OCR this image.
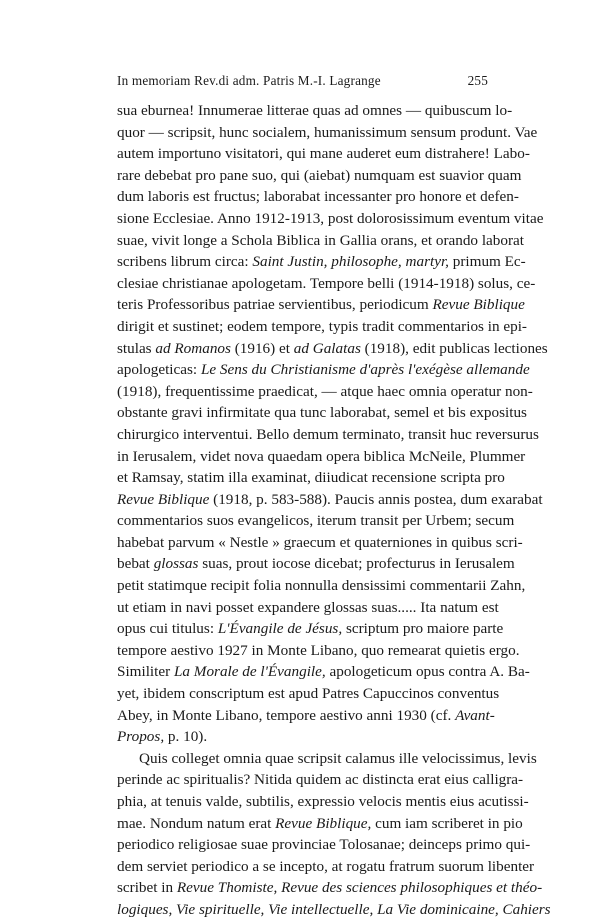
In memoriam Rev.di adm. Patris M.-I. Lagrange	255
sua eburnea! Innumerae litterae quas ad omnes — quibuscum lo-
quor — scripsit, hunc socialem, humanissimum sensum produnt. Vae
autem importuno visitatori, qui mane auderet eum distrahere! Labo-
rare debebat pro pane suo, qui (aiebat) numquam est suavior quam
dum laboris est fructus; laborabat incessanter pro honore et defen-
sione Ecclesiae. Anno 1912-1913, post dolorosissimum eventum vitae
suae, vivit longe a Schola Biblica in Gallia orans, et orando laborat
scribens librum circa: Saint Justin, philosophe, martyr, primum Ec-
clesiae christianae apologetam. Tempore belli (1914-1918) solus, ce-
teris Professoribus patriae servientibus, periodicum Revue Biblique
dirigit et sustinet; eodem tempore, typis tradit commentarios in epi-
stulas ad Romanos (1916) et ad Galatas (1918), edit publicas lectiones
apologeticas: Le Sens du Christianisme d'après l'exégèse allemande
(1918), frequentissime praedicat, — atque haec omnia operatur non-
obstante gravi infirmitate qua tunc laborabat, semel et bis expositus
chirurgico interventui. Bello demum terminato, transit huc reversurus
in Ierusalem, videt nova quaedam opera biblica McNeile, Plummer
et Ramsay, statim illa examinat, diiudicat recensione scripta pro
Revue Biblique (1918, p. 583-588). Paucis annis postea, dum exarabat
commentarios suos evangelicos, iterum transit per Urbem; secum
habebat parvum « Nestle » graecum et quaterniones in quibus scri-
bebat glossas suas, prout iocose dicebat; profecturus in Ierusalem
petit statimque recipit folia nonnulla densissimi commentarii Zahn,
ut etiam in navi posset expandere glossas suas..... Ita natum est
opus cui titulus: L'Évangile de Jésus, scriptum pro maiore parte
tempore aestivo 1927 in Monte Libano, quo remearat quietis ergo.
Similiter La Morale de l'Évangile, apologeticum opus contra A. Ba-
yet, ibidem conscriptum est apud Patres Capuccinos conventus
Abey, in Monte Libano, tempore aestivo anni 1930 (cf. Avant-
Propos, p. 10).
Quis colleget omnia quae scripsit calamus ille velocissimus, levis
perinde ac spiritualis? Nitida quidem ac distincta erat eius calligra-
phia, at tenuis valde, subtilis, expressio velocis mentis eius acutissi-
mae. Nondum natum erat Revue Biblique, cum iam scriberet in pio
periodico religiosae suae provinciae Tolosanae; deinceps primo qui-
dem serviet periodico a se incepto, at rogatu fratrum suorum libenter
scribet in Revue Thomiste, Revue des sciences philosophiques et théo-
logiques, Vie spirituelle, Vie intellectuelle, La Vie dominicaine, Cahiers
